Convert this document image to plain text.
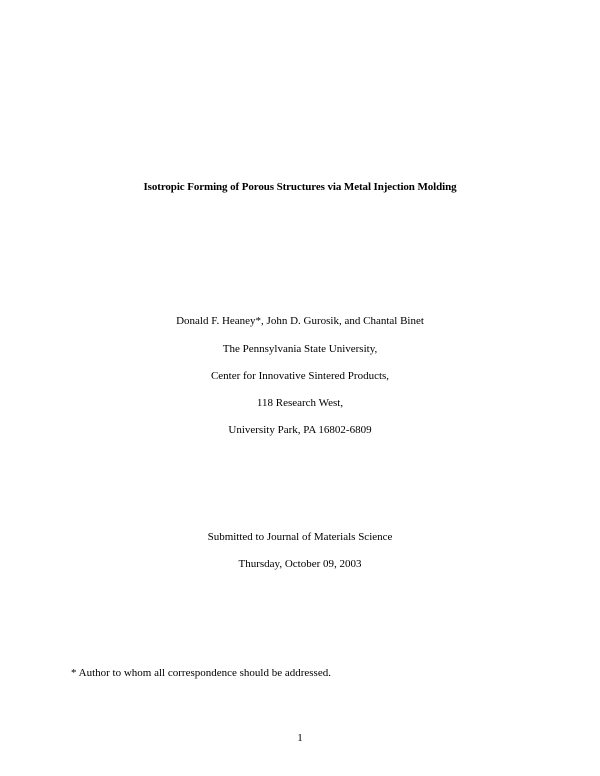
Isotropic Forming of Porous Structures via Metal Injection Molding
Donald F. Heaney*, John D. Gurosik, and Chantal Binet
The Pennsylvania State University,
Center for Innovative Sintered Products,
118 Research West,
University Park, PA 16802-6809
Submitted to Journal of Materials Science
Thursday, October 09, 2003
* Author to whom all correspondence should be addressed.
1
